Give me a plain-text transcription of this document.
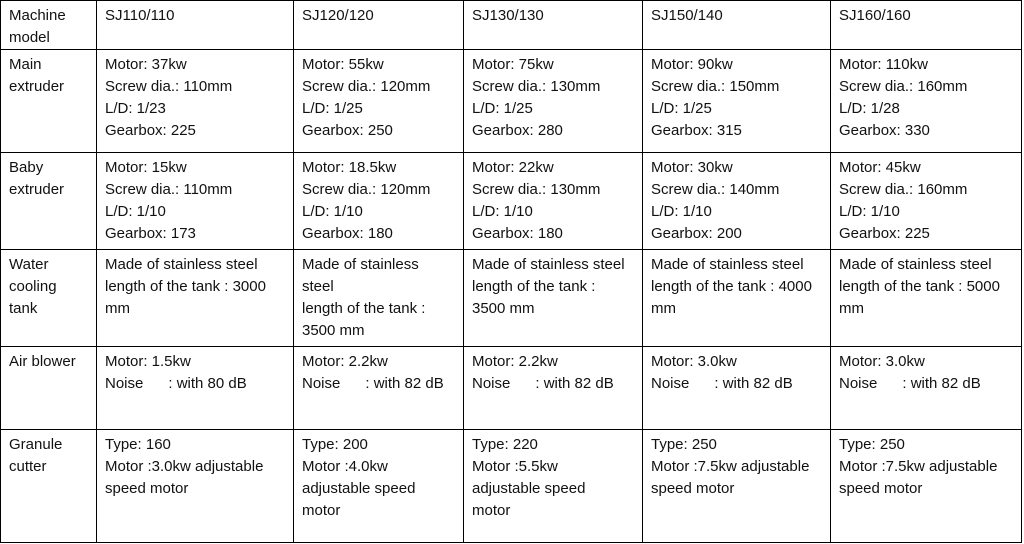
Machine
model	SJ110/110	SJ120/120	SJ130/130	SJ150/140	SJ160/160

Main
extruder	Motor: 37kw
Screw dia.: 110mm
L/D: 1/23
Gearbox: 225	Motor: 55kw
Screw dia.: 120mm
L/D: 1/25
Gearbox: 250	Motor: 75kw
Screw dia.: 130mm
L/D: 1/25
Gearbox: 280	Motor: 90kw
Screw dia.: 150mm
L/D: 1/25
Gearbox: 315	Motor: 110kw
Screw dia.: 160mm
L/D: 1/28
Gearbox: 330

Baby
extruder	Motor: 15kw
Screw dia.: 110mm
L/D: 1/10
Gearbox: 173	Motor: 18.5kw
Screw dia.: 120mm
L/D: 1/10
Gearbox: 180	Motor: 22kw
Screw dia.: 130mm
L/D: 1/10
Gearbox: 180	Motor: 30kw
Screw dia.: 140mm
L/D: 1/10
Gearbox: 200	Motor: 45kw
Screw dia.: 160mm
L/D: 1/10
Gearbox: 225

Water
cooling
tank	Made of stainless steel
length of the tank : 3000
mm	Made of stainless
steel
length of the tank :
3500 mm	Made of stainless steel
length of the tank :
3500 mm	Made of stainless steel
length of the tank : 4000
mm	Made of stainless steel
length of the tank : 5000
mm

Air blower	Motor: 1.5kw
Noise      : with 80 dB	Motor: 2.2kw
Noise      : with 82 dB	Motor: 2.2kw
Noise      : with 82 dB	Motor: 3.0kw
Noise      : with 82 dB	Motor: 3.0kw
Noise      : with 82 dB

Granule
cutter	Type: 160
Motor :3.0kw adjustable
speed motor	Type: 200
Motor :4.0kw
adjustable speed
motor	Type: 220
Motor :5.5kw
adjustable speed
motor	Type: 250
Motor :7.5kw adjustable
speed motor	Type: 250
Motor :7.5kw adjustable
speed motor
